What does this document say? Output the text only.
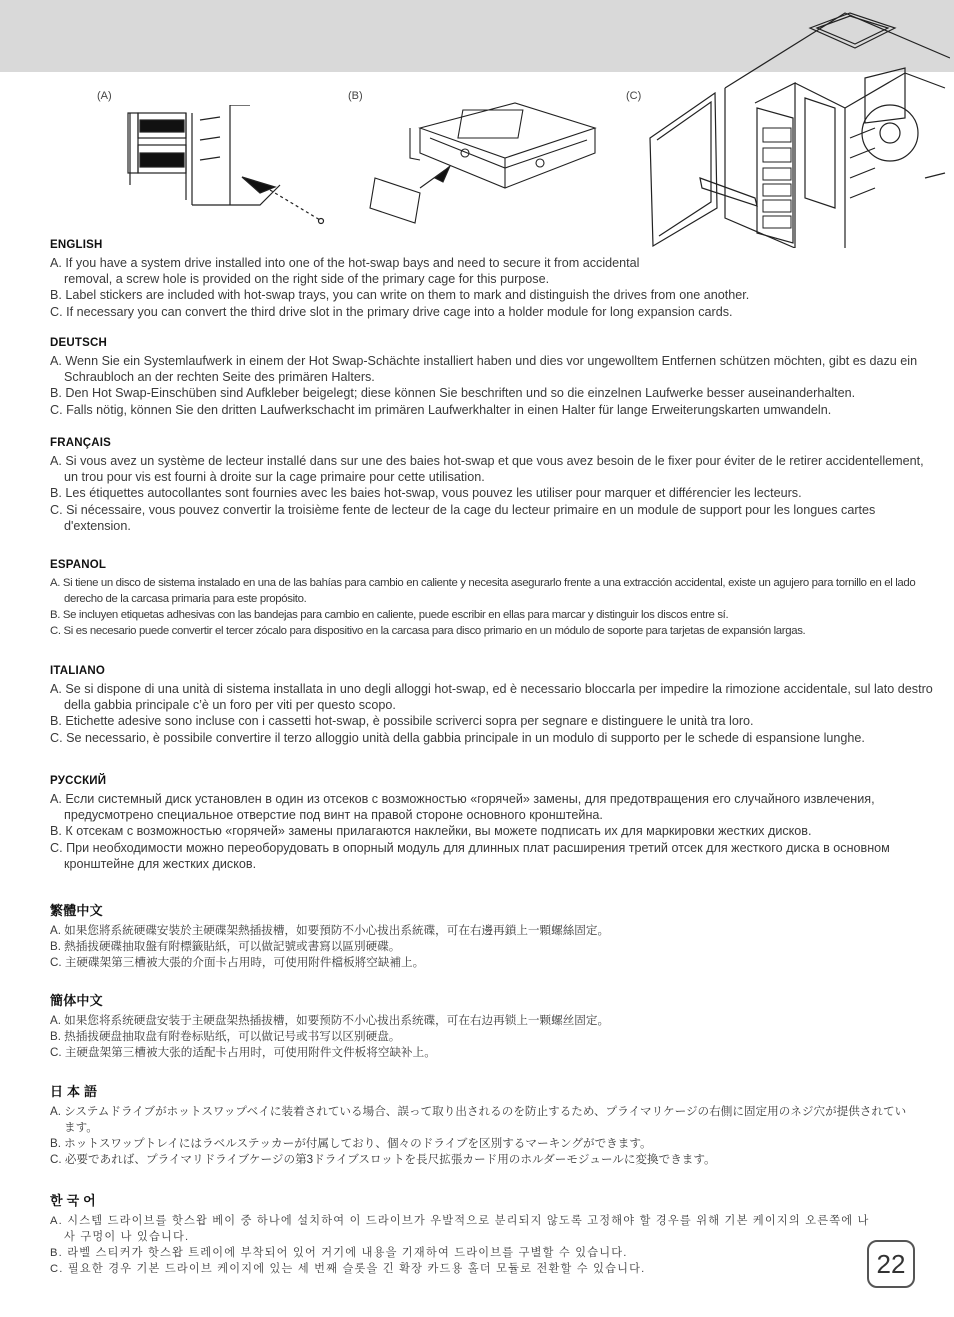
(A)	(B)	(C)
ENGLISH

A. If you have a system drive installed into one of the hot-swap bays and need to secure it from accidental removal, a screw hole is provided on the right side of the primary cage for this purpose.

B. Label stickers are included with hot-swap trays, you can write on them to mark and distinguish the drives from one another.

C. If necessary you can convert the third drive slot in the primary drive cage into a holder module for long expansion cards.

DEUTSCH

A. Wenn Sie ein Systemlaufwerk in einem der Hot Swap-Schächte installiert haben und dies vor ungewolltem Entfernen schützen möchten, gibt es dazu ein Schraubloch an der rechten Seite des primären Halters.

B. Den Hot Swap-Einschüben sind Aufkleber beigelegt; diese können Sie beschriften und so die einzelnen Laufwerke besser auseinanderhalten.

C. Falls nötig, können Sie den dritten Laufwerkschacht im primären Laufwerkhalter in einen Halter für lange Erweiterungskarten umwandeln.

FRANÇAIS

A. Si vous avez un système de lecteur installé dans sur une des baies hot-swap et que vous avez besoin de le fixer pour éviter de le retirer accidentellement, un trou pour vis est fourni à droite sur la cage primaire pour cette utilisation.

B. Les étiquettes autocollantes sont fournies avec les baies hot-swap, vous pouvez les utiliser pour marquer et différencier les lecteurs.

C. Si nécessaire, vous pouvez convertir la troisième fente de lecteur de la cage du lecteur primaire en un module de support pour les longues cartes d'extension.

ESPANOL

A. Si tiene un disco de sistema instalado en una de las bahías para cambio en caliente y necesita asegurarlo frente a una extracción accidental, existe un agujero para tornillo en el lado derecho de la carcasa primaria para este propósito.

B. Se incluyen etiquetas adhesivas con las bandejas para cambio en caliente, puede escribir en ellas para marcar y distinguir los discos entre sí.

C. Si es necesario puede convertir el tercer zócalo para dispositivo en la carcasa para disco primario en un módulo de soporte para tarjetas de expansión largas.

ITALIANO

A. Se si dispone di una unità di sistema installata in uno degli alloggi hot-swap, ed è necessario bloccarla per impedire la rimozione accidentale, sul lato destro della gabbia principale c’è un foro per viti per questo scopo.

B. Etichette adesive sono incluse con i cassetti hot-swap, è possibile scriverci sopra per segnare e distinguere le unità tra loro.

C. Se necessario, è possibile convertire il terzo alloggio unità della gabbia principale in un modulo di supporto per le schede di espansione lunghe.

РУССКИЙ

A. Если системный диск установлен в один из отсеков с возможностью «горячей» замены, для предотвращения его случайного извлечения, предусмотрено специальное отверстие под винт на правой стороне основного кронштейна.

B. К отсекам с возможностью «горячей» замены прилагаются наклейки, вы можете подписать их для маркировки жестких дисков.

C. При необходимости можно переоборудовать в опорный модуль для длинных плат расширения третий отсек для жесткого диска в основном кронштейне для жестких дисков.

繁體中文

A. 如果您將系統硬碟安裝於主硬碟架熱插拔槽，如要預防不小心拔出系統碟，可在右邊再鎖上一顆螺絲固定。

B. 熱插拔硬碟抽取盤有附標籤貼紙，可以做記號或書寫以區別硬碟。

C. 主硬碟架第三槽被大張的介面卡占用時，可使用附件檔板將空缺補上。

簡体中文

A. 如果您将系统硬盘安装于主硬盘架热插拔槽，如要预防不小心拔出系统碟，可在右边再锁上一颗螺丝固定。

B. 热插拔硬盘抽取盘有附卷标贴纸，可以做记号或书写以区别硬盘。

C. 主硬盘架第三槽被大张的适配卡占用时，可使用附件文件板将空缺补上。

日 本 語

A. システムドライブがホットスワップベイに装着されている場合、誤って取り出されるのを防止するため、プライマリケージの右側に固定用のネジ穴が提供されています。

B. ホットスワップトレイにはラベルステッカーが付属しており、個々のドライブを区別するマーキングができます。

C. 必要であれば、プライマリドライブケージの第3ドライブスロットを長尺拡張カード用のホルダーモジュールに変換できます。

한 국 어

A. 시스템 드라이브를 핫스왑 베이 중 하나에 설치하여 이 드라이브가 우발적으로 분리되지 않도록 고정해야 할 경우를 위해 기본 케이지의 오른쪽에 나사 구멍이 나 있습니다.

B. 라벨 스티커가 핫스왑 트레이에 부착되어 있어 거기에 내용을 기재하여 드라이브를 구별할 수 있습니다.

C. 필요한 경우 기본 드라이브 케이지에 있는 세 번째 슬롯을 긴 확장 카드용 홀더 모듈로 전환할 수 있습니다.	22
